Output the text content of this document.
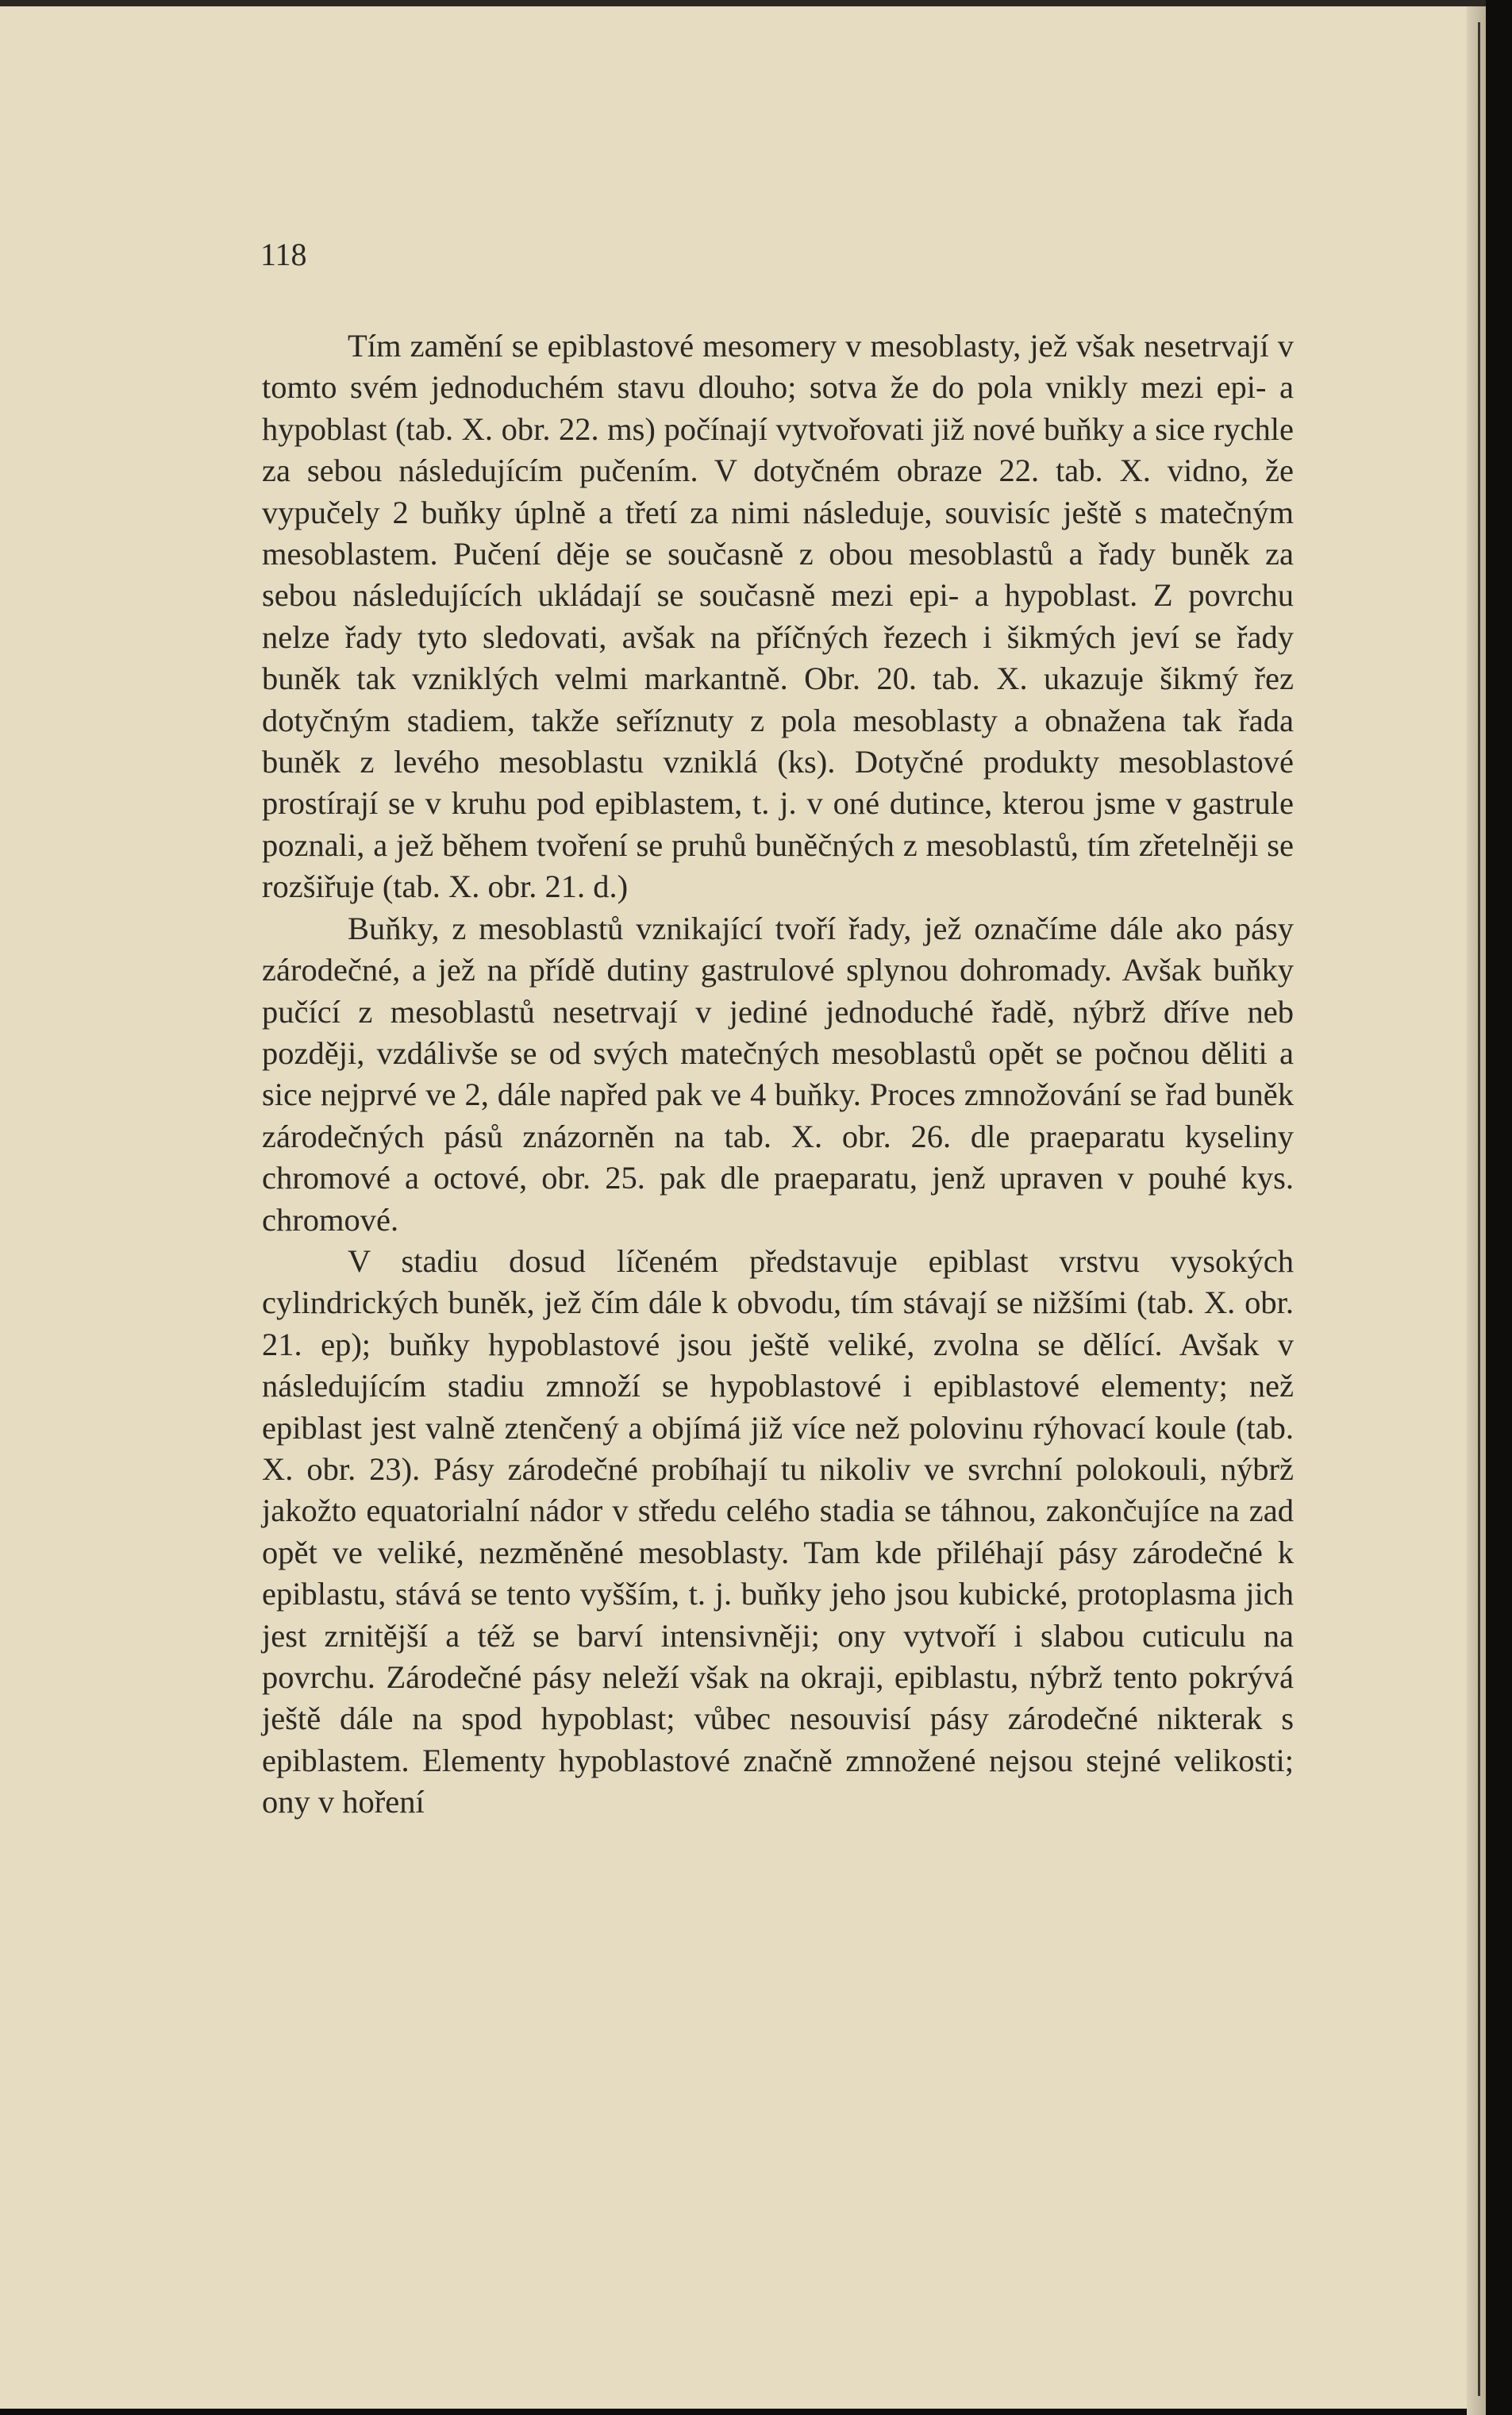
118

Tím zamění se epiblastové mesomery v mesoblasty, jež však nesetrvají v tomto svém jednoduchém stavu dlouho; sotva že do pola vnikly mezi epi- a hypoblast (tab. X. obr. 22. ms) počínají vytvořovati již nové buňky a sice rychle za sebou následujícím pučením. V dotyčném obraze 22. tab. X. vidno, že vypučely 2 buňky úplně a třetí za nimi následuje, souvisíc ještě s matečným mesoblastem. Pučení děje se současně z obou mesoblastů a řady buněk za sebou následujících ukládají se současně mezi epi- a hypoblast. Z povrchu nelze řady tyto sledovati, avšak na příčných řezech i šikmých jeví se řady buněk tak vzniklých velmi markantně. Obr. 20. tab. X. ukazuje šikmý řez dotyčným stadiem, takže seříznuty z pola mesoblasty a obnažena tak řada buněk z levého mesoblastu vzniklá (ks). Dotyčné produkty mesoblastové prostírají se v kruhu pod epiblastem, t. j. v oné dutince, kterou jsme v gastrule poznali, a jež během tvoření se pruhů buněčných z mesoblastů, tím zřetelněji se rozšiřuje (tab. X. obr. 21. d.)

Buňky, z mesoblastů vznikající tvoří řady, jež označíme dále ako pásy zárodečné, a jež na přídě dutiny gastrulové splynou dohromady. Avšak buňky pučící z mesoblastů nesetrvají v jediné jednoduché řadě, nýbrž dříve neb později, vzdálivše se od svých matečných mesoblastů opět se počnou děliti a sice nejprvé ve 2, dále napřed pak ve 4 buňky. Proces zmnožování se řad buněk zárodečných pásů znázorněn na tab. X. obr. 26. dle praeparatu kyseliny chromové a octové, obr. 25. pak dle praeparatu, jenž upraven v pouhé kys. chromové.

V stadiu dosud líčeném představuje epiblast vrstvu vysokých cylindrických buněk, jež čím dále k obvodu, tím stávají se nižšími (tab. X. obr. 21. ep); buňky hypoblastové jsou ještě veliké, zvolna se dělící. Avšak v následujícím stadiu zmnoží se hypoblastové i epiblastové elementy; než epiblast jest valně ztenčený a objímá již více než polovinu rýhovací koule (tab. X. obr. 23). Pásy zárodečné probíhají tu nikoliv ve svrchní polokouli, nýbrž jakožto equatorialní nádor v středu celého stadia se táhnou, zakončujíce na zad opět ve veliké, nezměněné mesoblasty. Tam kde přiléhají pásy zárodečné k epiblastu, stává se tento vyšším, t. j. buňky jeho jsou kubické, protoplasma jich jest zrnitější a též se barví intensivněji; ony vytvoří i slabou cuticulu na povrchu. Zárodečné pásy neleží však na okraji, epiblastu, nýbrž tento pokrývá ještě dále na spod hypoblast; vůbec nesouvisí pásy zárodečné nikterak s epiblastem. Elementy hypoblastové značně zmnožené nejsou stejné velikosti; ony v hoření
